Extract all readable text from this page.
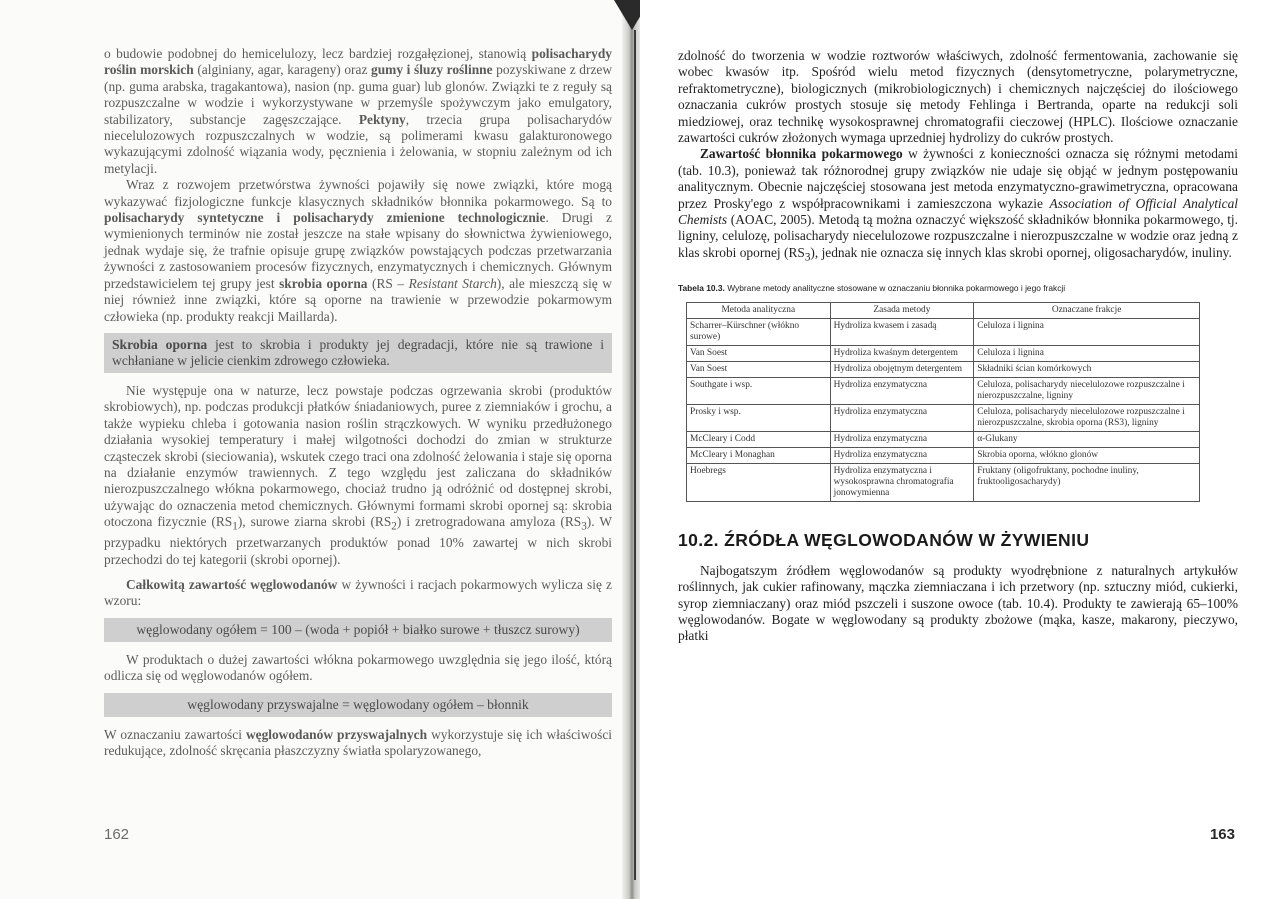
o budowie podobnej do hemicelulozy, lecz bardziej rozgałęzionej, stanowią polisacharydy roślin morskich (alginiany, agar, karageny) oraz gumy i śluzy roślinne pozyskiwane z drzew (np. guma arabska, tragakantowa), nasion (np. guma guar) lub glonów. Związki te z reguły są rozpuszczalne w wodzie i wykorzystywane w przemyśle spożywczym jako emulgatory, stabilizatory, substancje zagęszczające. Pektyny, trzecia grupa polisacharydów niecelulozowych rozpuszczalnych w wodzie, są polimerami kwasu galakturonowego wykazującymi zdolność wiązania wody, pęcznienia i żelowania, w stopniu zależnym od ich metylacji.

Wraz z rozwojem przetwórstwa żywności pojawiły się nowe związki, które mogą wykazywać fizjologiczne funkcje klasycznych składników błonnika pokarmowego. Są to polisacharydy syntetyczne i polisacharydy zmienione technologicznie. Drugi z wymienionych terminów nie został jeszcze na stałe wpisany do słownictwa żywieniowego, jednak wydaje się, że trafnie opisuje grupę związków powstających podczas przetwarzania żywności z zastosowaniem procesów fizycznych, enzymatycznych i chemicznych. Głównym przedstawicielem tej grupy jest skrobia oporna (RS – Resistant Starch), ale mieszczą się w niej również inne związki, które są oporne na trawienie w przewodzie pokarmowym człowieka (np. produkty reakcji Maillarda).

Skrobia oporna jest to skrobia i produkty jej degradacji, które nie są trawione i wchłaniane w jelicie cienkim zdrowego człowieka.

Nie występuje ona w naturze, lecz powstaje podczas ogrzewania skrobi (produktów skrobiowych), np. podczas produkcji płatków śniadaniowych, puree z ziemniaków i grochu, a także wypieku chleba i gotowania nasion roślin strączkowych. W wyniku przedłużonego działania wysokiej temperatury i małej wilgotności dochodzi do zmian w strukturze cząsteczek skrobi (sieciowania), wskutek czego traci ona zdolność żelowania i staje się oporna na działanie enzymów trawiennych. Z tego względu jest zaliczana do składników nierozpuszczalnego włókna pokarmowego, chociaż trudno ją odróżnić od dostępnej skrobi, używając do oznaczenia metod chemicznych. Głównymi formami skrobi opornej są: skrobia otoczona fizycznie $(RS_1)$, surowe ziarna skrobi $(RS_2)$ i zretrogradowana amyloza $(RS_3)$. W przypadku niektórych przetwarzanych produktów ponad 10% zawartej w nich skrobi przechodzi do tej kategorii (skrobi opornej).

Całkowitą zawartość węglowodanów w żywności i racjach pokarmowych wylicza się z wzoru:

węglowodany ogółem = 100 – (woda + popiół + białko surowe + tłuszcz surowy)

W produktach o dużej zawartości włókna pokarmowego uwzględnia się jego ilość, którą odlicza się od węglowodanów ogółem.

węglowodany przyswajalne = węglowodany ogółem – błonnik

W oznaczaniu zawartości węglowodanów przyswajalnych wykorzystuje się ich właściwości redukujące, zdolność skręcania płaszczyzny światła spolaryzowanego,

162

zdolność do tworzenia w wodzie roztworów właściwych, zdolność fermentowania, zachowanie się wobec kwasów itp. Spośród wielu metod fizycznych (densytometryczne, polarymetryczne, refraktometryczne), biologicznych (mikrobiologicznych) i chemicznych najczęściej do ilościowego oznaczania cukrów prostych stosuje się metody Fehlinga i Bertranda, oparte na redukcji soli miedziowej, oraz technikę wysokosprawnej chromatografii cieczowej (HPLC). Ilościowe oznaczanie zawartości cukrów złożonych wymaga uprzedniej hydrolizy do cukrów prostych.

Zawartość błonnika pokarmowego w żywności z konieczności oznacza się różnymi metodami (tab. 10.3), ponieważ tak różnorodnej grupy związków nie udaje się objąć w jednym postępowaniu analitycznym. Obecnie najczęściej stosowana jest metoda enzymatyczno-grawimetryczna, opracowana przez Prosky'ego z współpracownikami i zamieszczona wykazie Association of Official Analytical Chemists (AOAC, 2005). Metodą tą można oznaczyć większość składników błonnika pokarmowego, tj. ligniny, celulozę, polisacharydy niecelulozowe rozpuszczalne i nierozpuszczalne w wodzie oraz jedną z klas skrobi opornej $(RS_3)$, jednak nie oznacza się innych klas skrobi opornej, oligosacharydów, inuliny.

Tabela 10.3. Wybrane metody analityczne stosowane w oznaczaniu błonnika pokarmowego i jego frakcji
Metoda analityczna	Zasada metody	Oznaczane frakcje
Scharrer–Kürschner (włókno surowe)	Hydroliza kwasem i zasadą	Celuloza i lignina
Van Soest	Hydroliza kwaśnym detergentem	Celuloza i lignina
Van Soest	Hydroliza obojętnym detergentem	Składniki ścian komórkowych
Southgate i wsp.	Hydroliza enzymatyczna	Celuloza, polisacharydy niecelulozowe rozpuszczalne i nierozpuszczalne, ligniny
Prosky i wsp.	Hydroliza enzymatyczna	Celuloza, polisacharydy niecelulozowe rozpuszczalne i nierozpuszczalne, skrobia oporna (RS3), ligniny
McCleary i Codd	Hydroliza enzymatyczna	α-Glukany
McCleary i Monaghan	Hydroliza enzymatyczna	Skrobia oporna, włókno glonów
Hoebregs	Hydroliza enzymatyczna i wysokosprawna chromatografia jonowymienna	Fruktany (oligofruktany, pochodne inuliny, fruktooligosacharydy)
10.2. ŹRÓDŁA WĘGLOWODANÓW W ŻYWIENIU

Najbogatszym źródłem węglowodanów są produkty wyodrębnione z naturalnych artykułów roślinnych, jak cukier rafinowany, mączka ziemniaczana i ich przetwory (np. sztuczny miód, cukierki, syrop ziemniaczany) oraz miód pszczeli i suszone owoce (tab. 10.4). Produkty te zawierają 65–100% węglowodanów. Bogate w węglowodany są produkty zbożowe (mąka, kasze, makarony, pieczywo, płatki

163
